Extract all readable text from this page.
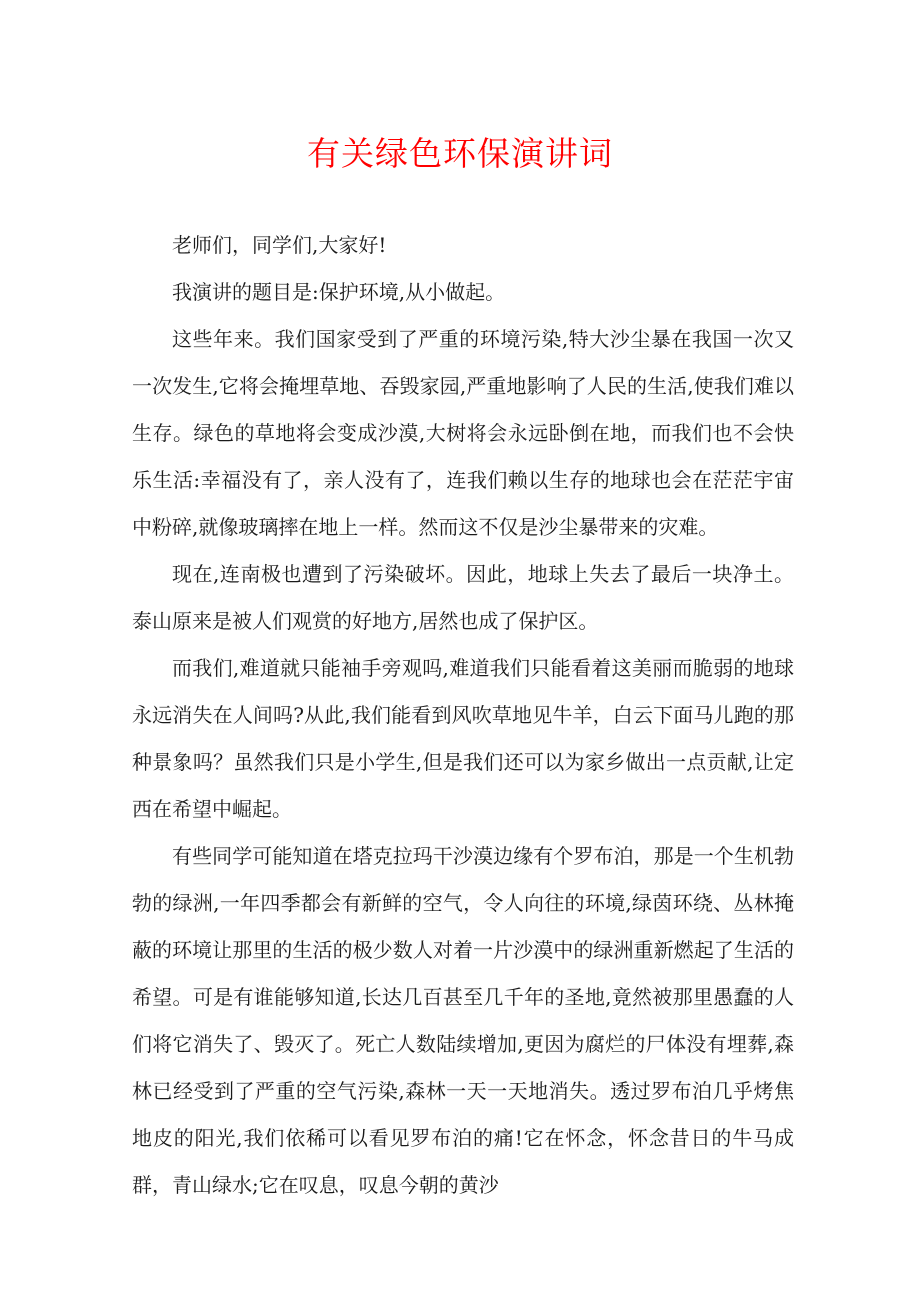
有关绿色环保演讲词

老师们，同学们,大家好!

我演讲的题目是:保护环境,从小做起。

这些年来。我们国家受到了严重的环境污染,特大沙尘暴在我国一次又一次发生,它将会掩埋草地、吞毁家园,严重地影响了人民的生活,使我们难以生存。绿色的草地将会变成沙漠,大树将会永远卧倒在地，而我们也不会快乐生活:幸福没有了，亲人没有了，连我们赖以生存的地球也会在茫茫宇宙中粉碎,就像玻璃摔在地上一样。然而这不仅是沙尘暴带来的灾难。

现在,连南极也遭到了污染破坏。因此，地球上失去了最后一块净土。泰山原来是被人们观赏的好地方,居然也成了保护区。

而我们,难道就只能袖手旁观吗,难道我们只能看着这美丽而脆弱的地球永远消失在人间吗?从此,我们能看到风吹草地见牛羊，白云下面马儿跑的那种景象吗？虽然我们只是小学生,但是我们还可以为家乡做出一点贡献,让定西在希望中崛起。

有些同学可能知道在塔克拉玛干沙漠边缘有个罗布泊，那是一个生机勃勃的绿洲,一年四季都会有新鲜的空气，令人向往的环境,绿茵环绕、丛林掩蔽的环境让那里的生活的极少数人对着一片沙漠中的绿洲重新燃起了生活的希望。可是有谁能够知道,长达几百甚至几千年的圣地,竟然被那里愚蠢的人们将它消失了、毁灭了。死亡人数陆续增加,更因为腐烂的尸体没有埋葬,森林已经受到了严重的空气污染,森林一天一天地消失。透过罗布泊几乎烤焦地皮的阳光,我们依稀可以看见罗布泊的痛!它在怀念，怀念昔日的牛马成群，青山绿水;它在叹息，叹息今朝的黄沙
